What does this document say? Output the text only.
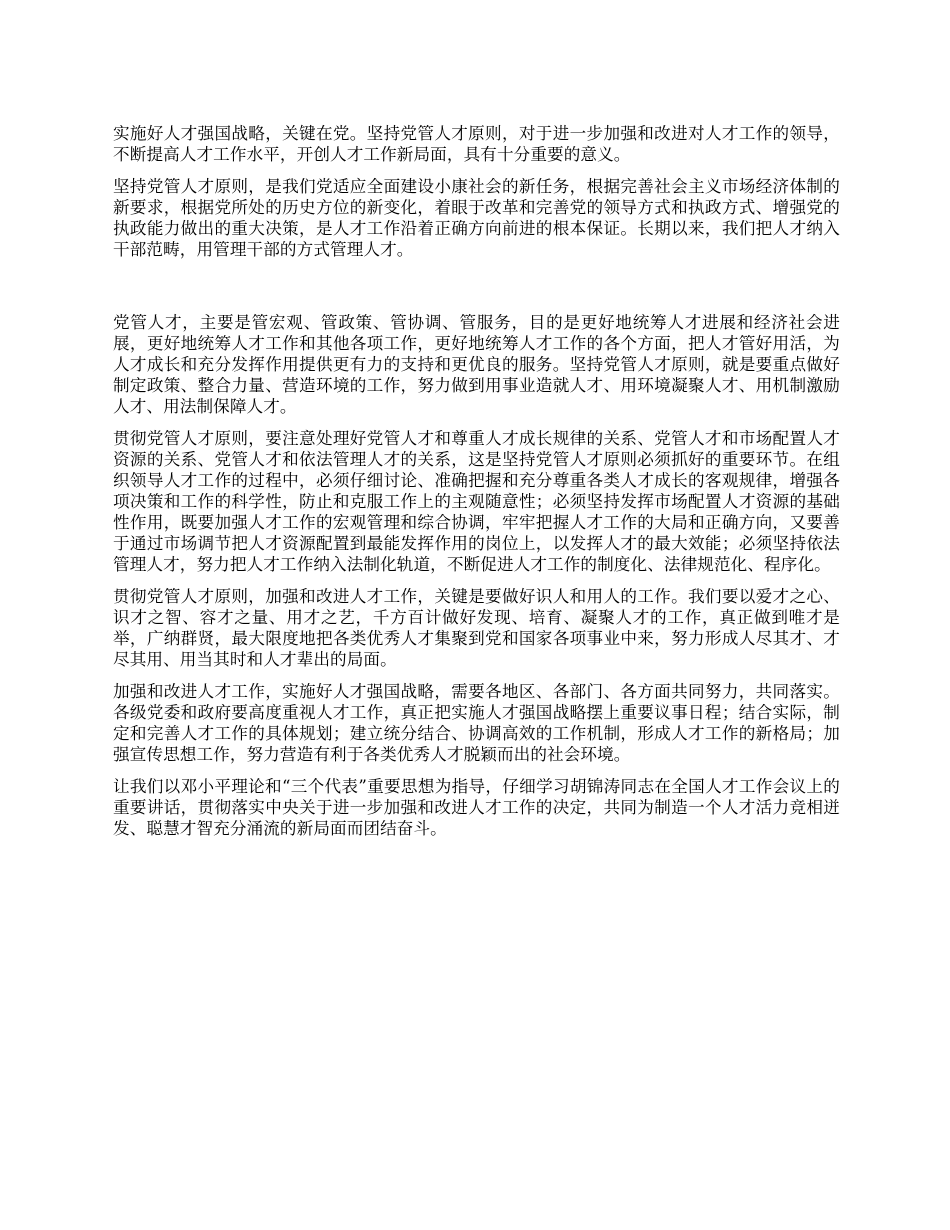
实施好人才强国战略，关键在党。坚持党管人才原则，对于进一步加强和改进对人才工作的领导，不断提高人才工作水平，开创人才工作新局面，具有十分重要的意义。

坚持党管人才原则，是我们党适应全面建设小康社会的新任务，根据完善社会主义市场经济体制的新要求，根据党所处的历史方位的新变化，着眼于改革和完善党的领导方式和执政方式、增强党的执政能力做出的重大决策，是人才工作沿着正确方向前进的根本保证。长期以来，我们把人才纳入干部范畴，用管理干部的方式管理人才。

党管人才，主要是管宏观、管政策、管协调、管服务，目的是更好地统筹人才进展和经济社会进展，更好地统筹人才工作和其他各项工作，更好地统筹人才工作的各个方面，把人才管好用活，为人才成长和充分发挥作用提供更有力的支持和更优良的服务。坚持党管人才原则，就是要重点做好制定政策、整合力量、营造环境的工作，努力做到用事业造就人才、用环境凝聚人才、用机制激励人才、用法制保障人才。

贯彻党管人才原则，要注意处理好党管人才和尊重人才成长规律的关系、党管人才和市场配置人才资源的关系、党管人才和依法管理人才的关系，这是坚持党管人才原则必须抓好的重要环节。在组织领导人才工作的过程中，必须仔细讨论、准确把握和充分尊重各类人才成长的客观规律，增强各项决策和工作的科学性，防止和克服工作上的主观随意性；必须坚持发挥市场配置人才资源的基础性作用，既要加强人才工作的宏观管理和综合协调，牢牢把握人才工作的大局和正确方向，又要善于通过市场调节把人才资源配置到最能发挥作用的岗位上，以发挥人才的最大效能；必须坚持依法管理人才，努力把人才工作纳入法制化轨道，不断促进人才工作的制度化、法律规范化、程序化。

贯彻党管人才原则，加强和改进人才工作，关键是要做好识人和用人的工作。我们要以爱才之心、识才之智、容才之量、用才之艺，千方百计做好发现、培育、凝聚人才的工作，真正做到唯才是举，广纳群贤，最大限度地把各类优秀人才集聚到党和国家各项事业中来，努力形成人尽其才、才尽其用、用当其时和人才辈出的局面。

加强和改进人才工作，实施好人才强国战略，需要各地区、各部门、各方面共同努力，共同落实。各级党委和政府要高度重视人才工作，真正把实施人才强国战略摆上重要议事日程；结合实际，制定和完善人才工作的具体规划；建立统分结合、协调高效的工作机制，形成人才工作的新格局；加强宣传思想工作，努力营造有利于各类优秀人才脱颖而出的社会环境。

让我们以邓小平理论和“三个代表”重要思想为指导，仔细学习胡锦涛同志在全国人才工作会议上的重要讲话，贯彻落实中央关于进一步加强和改进人才工作的决定，共同为制造一个人才活力竞相迸发、聪慧才智充分涌流的新局面而团结奋斗。
